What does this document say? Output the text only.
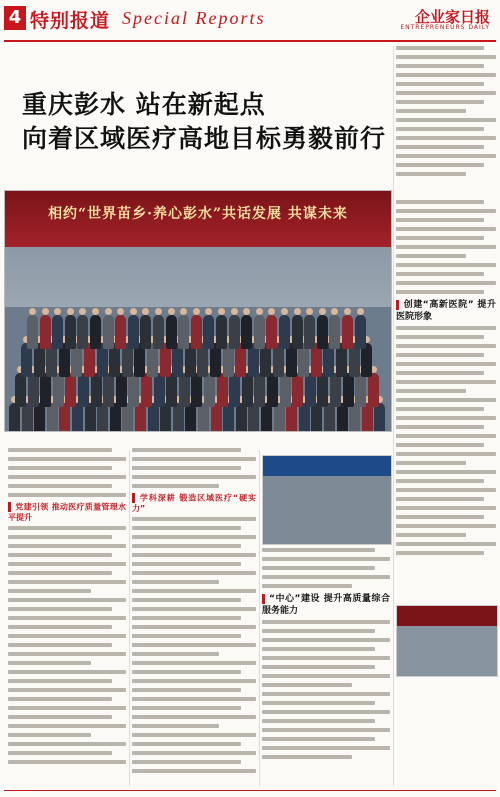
4 特别报道 Special Reports	企业家日报
ENTREPRENEURS DAILY
重庆彭水 站在新起点
向着区域医疗高地目标勇毅前行
相约“世界苗乡·养心彭水”共话发展 共谋未来
党建引领 推动医疗质量管理水平提升
学科深耕 锻造区域医疗“硬实力”
“中心”建设 提升高质量综合服务能力
创建“高新医院” 提升医院形象
